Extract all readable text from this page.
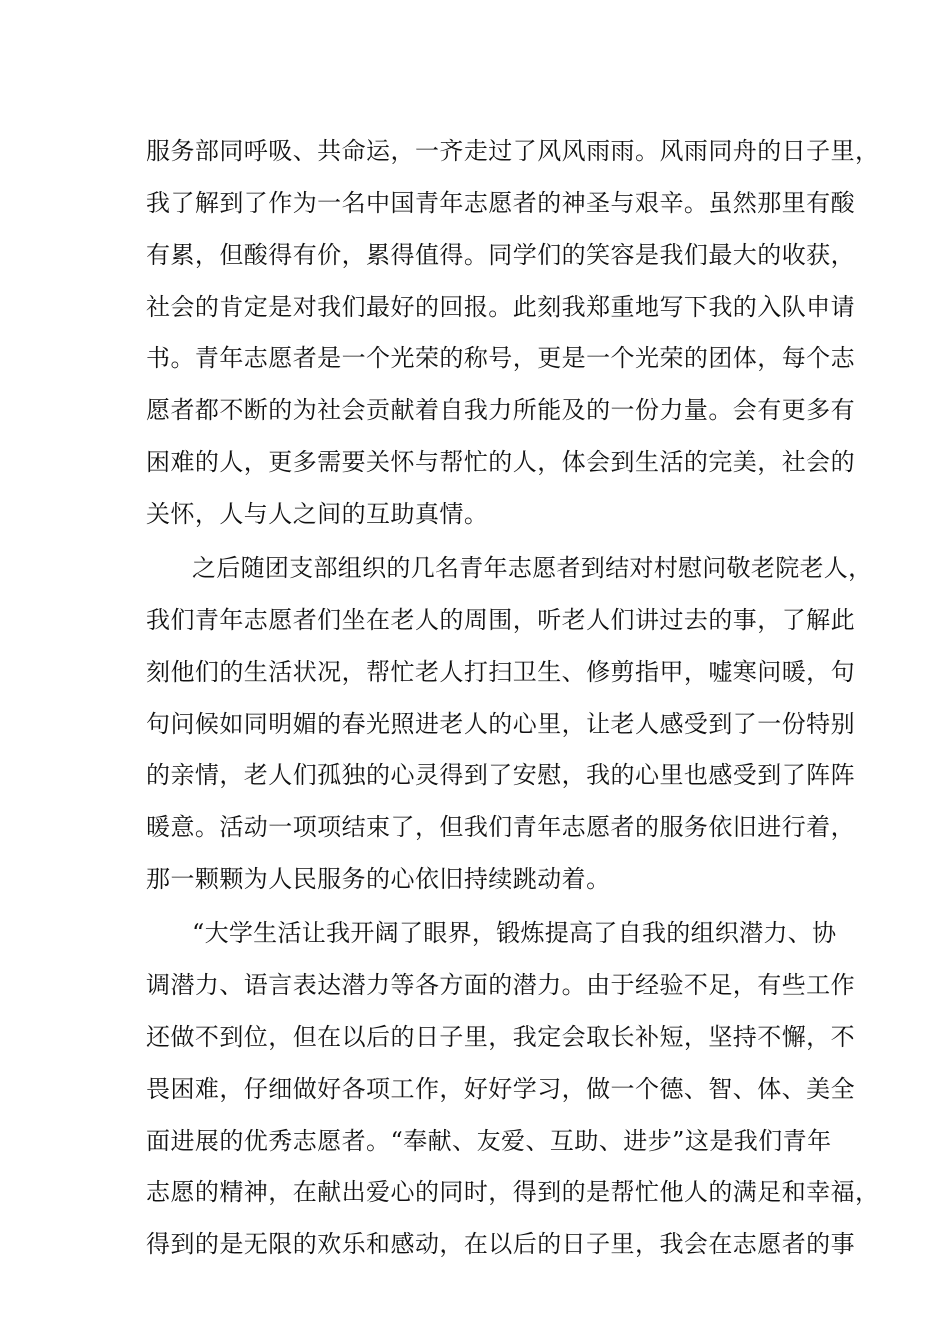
服务部同呼吸、共命运，一齐走过了风风雨雨。风雨同舟的日子里，
我了解到了作为一名中国青年志愿者的神圣与艰辛。虽然那里有酸
有累，但酸得有价，累得值得。同学们的笑容是我们最大的收获，
社会的肯定是对我们最好的回报。此刻我郑重地写下我的入队申请
书。青年志愿者是一个光荣的称号，更是一个光荣的团体，每个志
愿者都不断的为社会贡献着自我力所能及的一份力量。会有更多有
困难的人，更多需要关怀与帮忙的人，体会到生活的完美，社会的
关怀，人与人之间的互助真情。
之后随团支部组织的几名青年志愿者到结对村慰问敬老院老人，
我们青年志愿者们坐在老人的周围，听老人们讲过去的事，了解此
刻他们的生活状况，帮忙老人打扫卫生、修剪指甲，嘘寒问暖，句
句问候如同明媚的春光照进老人的心里，让老人感受到了一份特别
的亲情，老人们孤独的心灵得到了安慰，我的心里也感受到了阵阵
暖意。活动一项项结束了，但我们青年志愿者的服务依旧进行着，
那一颗颗为人民服务的心依旧持续跳动着。
“大学生活让我开阔了眼界，锻炼提高了自我的组织潜力、协
调潜力、语言表达潜力等各方面的潜力。由于经验不足，有些工作
还做不到位，但在以后的日子里，我定会取长补短，坚持不懈，不
畏困难，仔细做好各项工作，好好学习，做一个德、智、体、美全
面进展的优秀志愿者。“奉献、友爱、互助、进步”这是我们青年
志愿的精神，在献出爱心的同时，得到的是帮忙他人的满足和幸福，
得到的是无限的欢乐和感动，在以后的日子里，我会在志愿者的事
